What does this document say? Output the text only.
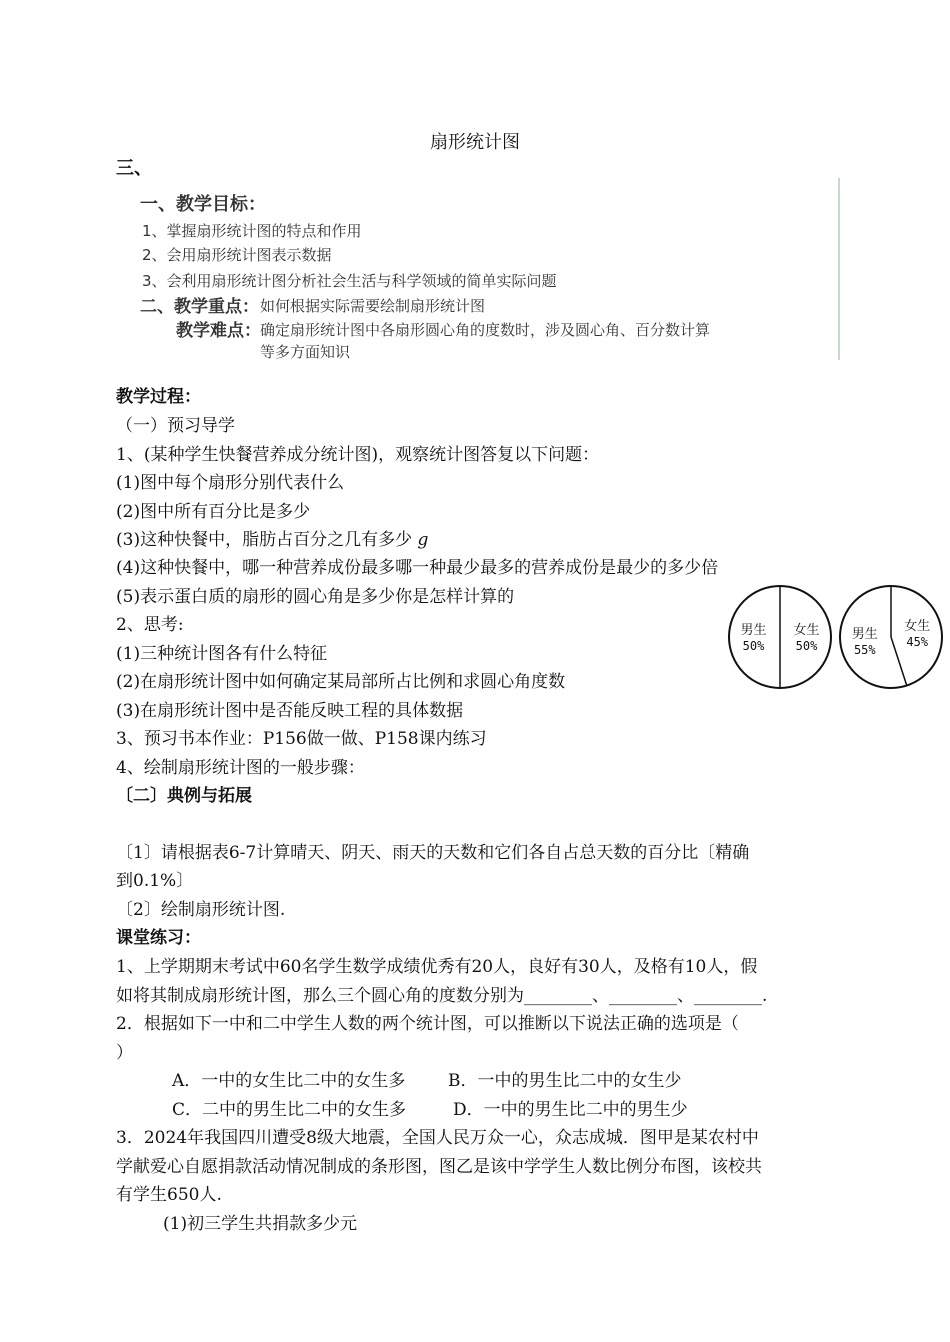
扇形统计图
三、
一、教学目标：
1、掌握扇形统计图的特点和作用
2、会用扇形统计图表示数据
3、会利用扇形统计图分析社会生活与科学领域的简单实际问题
二、教学重点： 如何根据实际需要绘制扇形统计图
教学难点： 确定扇形统计图中各扇形圆心角的度数时，涉及圆心角、百分数计算
等多方面知识
教学过程：
（一）预习导学
1、(某种学生快餐营养成分统计图)，观察统计图答复以下问题：
(1)图中每个扇形分别代表什么
(2)图中所有百分比是多少
(3)这种快餐中，脂肪占百分之几有多少 g
(4)这种快餐中，哪一种营养成份最多哪一种最少最多的营养成份是最少的多少倍
(5)表示蛋白质的扇形的圆心角是多少你是怎样计算的
2、思考:
(1)三种统计图各有什么特征
(2)在扇形统计图中如何确定某局部所占比例和求圆心角度数
(3)在扇形统计图中是否能反映工程的具体数据
3、预习书本作业：P156做一做、P158课内练习
4、绘制扇形统计图的一般步骤：
〔二〕典例与拓展
〔1〕请根据表6-7计算晴天、阴天、雨天的天数和它们各自占总天数的百分比〔精确
到0.1%〕
〔2〕绘制扇形统计图.
课堂练习：
1、上学期期末考试中60名学生数学成绩优秀有20人，良好有30人，及格有10人，假
如将其制成扇形统计图，那么三个圆心角的度数分别为________、________、________.
2．根据如下一中和二中学生人数的两个统计图，可以推断以下说法正确的选项是（
）
A．一中的女生比二中的女生多	B．一中的男生比二中的女生少
C．二中的男生比二中的女生多	D．一中的男生比二中的男生少
3．2024年我国四川遭受8级大地震，全国人民万众一心，众志成城．图甲是某农村中
学献爱心自愿捐款活动情况制成的条形图，图乙是该中学学生人数比例分布图，该校共
有学生650人.
(1)初三学生共捐款多少元
男生
50%
女生
50%
男生
55%
女生
45%
